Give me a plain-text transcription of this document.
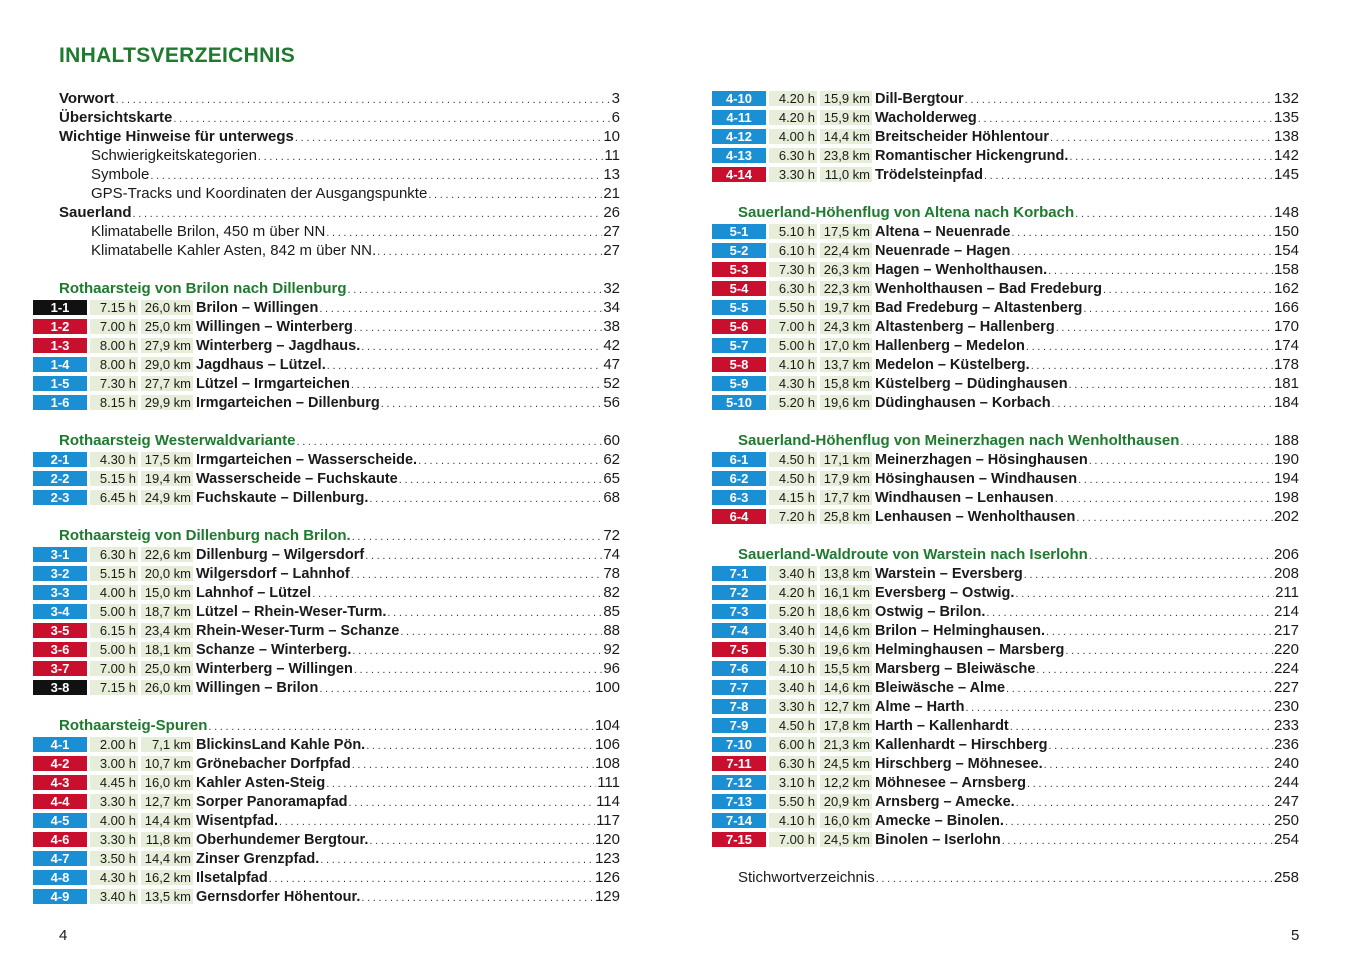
INHALTSVERZEICHNIS
Vorwort . . .	3
Übersichtskarte . . .	6
Wichtige Hinweise für unterwegs . . .	10
Schwierigkeitskategorien . . .	11
Symbole . . .	13
GPS-Tracks und Koordinaten der Ausgangspunkte . . .	21
Sauerland . . .	26
Klimatabelle Brilon, 450 m über NN . . .	27
Klimatabelle Kahler Asten, 842 m über NN. . . .	27
Rothaarsteig von Brilon nach Dillenburg . . .	32
1-1	7.15 h 26,0 km Brilon – Willingen . . .	34
1-2	7.00 h 25,0 km Willingen – Winterberg . . .	38
1-3	8.00 h 27,9 km Winterberg – Jagdhaus. . . .	42
1-4	8.00 h 29,0 km Jagdhaus – Lützel. . . .	47
1-5	7.30 h 27,7 km Lützel – Irmgarteichen . . .	52
1-6	8.15 h 29,9 km Irmgarteichen – Dillenburg . . .	56
Rothaarsteig Westerwaldvariante . . .	60
2-1	4.30 h 17,5 km Irmgarteichen – Wasserscheide. . . .	62
2-2	5.15 h 19,4 km Wasserscheide – Fuchskaute . . .	65
2-3	6.45 h 24,9 km Fuchskaute – Dillenburg. . . .	68
Rothaarsteig von Dillenburg nach Brilon. . . .	72
3-1	6.30 h 22,6 km Dillenburg – Wilgersdorf . . .	74
3-2	5.15 h 20,0 km Wilgersdorf – Lahnhof . . .	78
3-3	4.00 h 15,0 km Lahnhof – Lützel . . .	82
3-4	5.00 h 18,7 km Lützel – Rhein-Weser-Turm. . . .	85
3-5	6.15 h 23,4 km Rhein-Weser-Turm – Schanze . . .	88
3-6	5.00 h 18,1 km Schanze – Winterberg. . . .	92
3-7	7.00 h 25,0 km Winterberg – Willingen . . .	96
3-8	7.15 h 26,0 km Willingen – Brilon . . .	100
Rothaarsteig-Spuren . . .	104
4-1	2.00 h	7,1 km BlickinsLand Kahle Pön. . . .	106
4-2	3.00 h 10,7 km Grönebacher Dorfpfad . . .	108
4-3	4.45 h 16,0 km Kahler Asten-Steig . . .	111
4-4	3.30 h 12,7 km Sorper Panoramapfad . . .	114
4-5	4.00 h 14,4 km Wisentpfad. . . .	117
4-6	3.30 h 11,8 km Oberhundemer Bergtour. . . .	120
4-7	3.50 h 14,4 km Zinser Grenzpfad. . . .	123
4-8	4.30 h 16,2 km Ilsetalpfad . . .	126
4-9	3.40 h 13,5 km Gernsdorfer Höhentour. . . .	129
4-10	4.20 h 15,9 km Dill-Bergtour . . .	132
4-11	4.20 h 15,9 km Wacholderweg . . .	135
4-12	4.00 h 14,4 km Breitscheider Höhlentour . . .	138
4-13	6.30 h 23,8 km Romantischer Hickengrund. . . .	142
4-14	3.30 h 11,0 km Trödelsteinpfad . . .	145
Sauerland-Höhenflug von Altena nach Korbach . . .	148
5-1	5.10 h 17,5 km Altena – Neuenrade . . .	150
5-2	6.10 h 22,4 km Neuenrade – Hagen . . .	154
5-3	7.30 h 26,3 km Hagen – Wenholthausen. . . .	158
5-4	6.30 h 22,3 km Wenholthausen – Bad Fredeburg . . .	162
5-5	5.50 h 19,7 km Bad Fredeburg – Altastenberg . . .	166
5-6	7.00 h 24,3 km Altastenberg – Hallenberg . . .	170
5-7	5.00 h 17,0 km Hallenberg – Medelon . . .	174
5-8	4.10 h 13,7 km Medelon – Küstelberg. . . .	178
5-9	4.30 h 15,8 km Küstelberg – Düdinghausen . . .	181
5-10	5.20 h 19,6 km Düdinghausen – Korbach . . .	184
Sauerland-Höhenflug von Meinerzhagen nach Wenholthausen . . .	188
6-1	4.50 h 17,1 km Meinerzhagen – Hösinghausen . . .	190
6-2	4.50 h 17,9 km Hösinghausen – Windhausen . . .	194
6-3	4.15 h 17,7 km Windhausen – Lenhausen . . .	198
6-4	7.20 h 25,8 km Lenhausen – Wenholthausen . . .	202
Sauerland-Waldroute von Warstein nach Iserlohn . . .	206
7-1	3.40 h 13,8 km Warstein – Eversberg . . .	208
7-2	4.20 h 16,1 km Eversberg – Ostwig. . . .	211
7-3	5.20 h 18,6 km Ostwig – Brilon. . . .	214
7-4	3.40 h 14,6 km Brilon – Helminghausen. . . .	217
7-5	5.30 h 19,6 km Helminghausen – Marsberg . . .	220
7-6	4.10 h 15,5 km Marsberg – Bleiwäsche . . .	224
7-7	3.40 h 14,6 km Bleiwäsche – Alme . . .	227
7-8	3.30 h 12,7 km Alme – Harth . . .	230
7-9	4.50 h 17,8 km Harth – Kallenhardt . . .	233
7-10	6.00 h 21,3 km Kallenhardt – Hirschberg . . .	236
7-11	6.30 h 24,5 km Hirschberg – Möhnesee. . . .	240
7-12	3.10 h 12,2 km Möhnesee – Arnsberg . . .	244
7-13	5.50 h 20,9 km Arnsberg – Amecke. . . .	247
7-14	4.10 h 16,0 km Amecke – Binolen. . . .	250
7-15	7.00 h 24,5 km Binolen – Iserlohn . . .	254
Stichwortverzeichnis . . .	258
4	5
